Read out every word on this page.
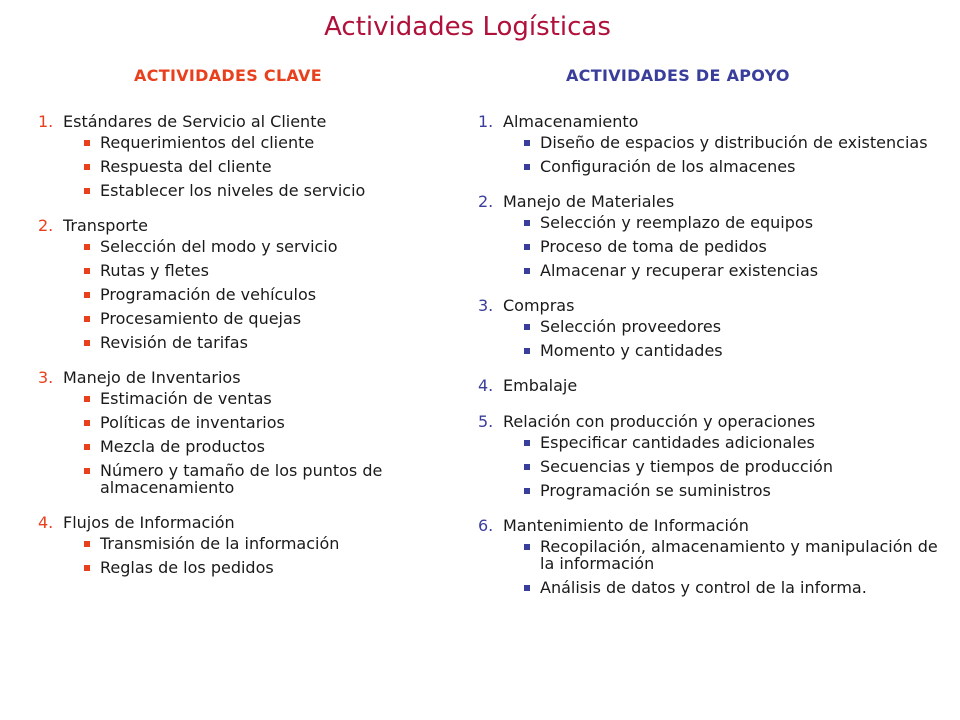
Actividades Logísticas
ACTIVIDADES CLAVE
1. Estándares de Servicio al Cliente
Requerimientos del cliente
Respuesta del cliente
Establecer los niveles de servicio
2. Transporte
Selección del modo y servicio
Rutas y fletes
Programación de vehículos
Procesamiento de quejas
Revisión de tarifas
3. Manejo de Inventarios
Estimación de ventas
Políticas de inventarios
Mezcla de productos
Número y tamaño de los puntos de almacenamiento
4. Flujos de Información
Transmisión de la información
Reglas de los pedidos
ACTIVIDADES DE APOYO
1. Almacenamiento
Diseño de espacios y distribución de existencias
Configuración de los almacenes
2. Manejo de Materiales
Selección y reemplazo de equipos
Proceso de toma de pedidos
Almacenar y recuperar existencias
3. Compras
Selección proveedores
Momento y cantidades
4. Embalaje
5. Relación con producción y operaciones
Especificar cantidades adicionales
Secuencias y tiempos de producción
Programación se suministros
6. Mantenimiento de Información
Recopilación, almacenamiento y manipulación de la información
Análisis de datos y control de la informa.
